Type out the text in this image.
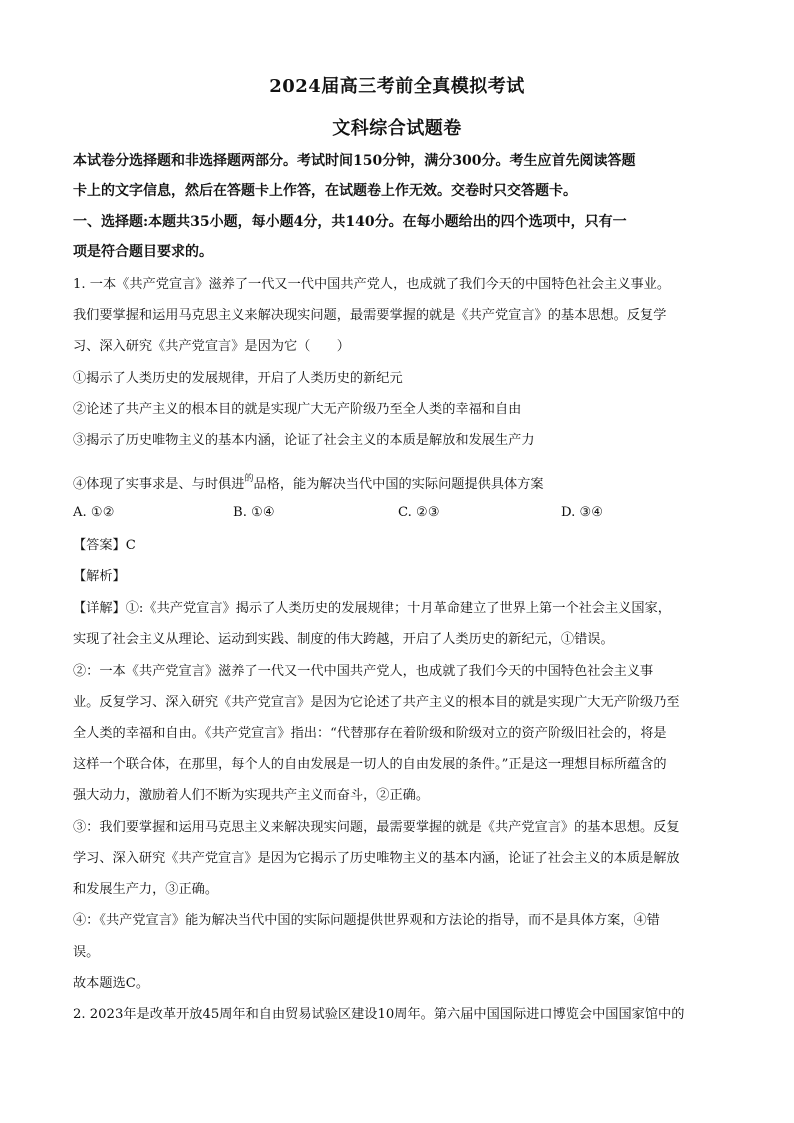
2024届高三考前全真模拟考试
文科综合试题卷
本试卷分选择题和非选择题两部分。考试时间150分钟，满分300分。考生应首先阅读答题
卡上的文字信息，然后在答题卡上作答，在试题卷上作无效。交卷时只交答题卡。
一、选择题:本题共35小题，每小题4分，共140分。在每小题给出的四个选项中，只有一
项是符合题目要求的。
1. 一本《共产党宣言》滋养了一代又一代中国共产党人，也成就了我们今天的中国特色社会主义事业。
我们要掌握和运用马克思主义来解决现实问题，最需要掌握的就是《共产党宣言》的基本思想。反复学
习、深入研究《共产党宣言》是因为它（　　）
①揭示了人类历史的发展规律，开启了人类历史的新纪元
②论述了共产主义的根本目的就是实现广大无产阶级乃至全人类的幸福和自由
③揭示了历史唯物主义的基本内涵，论证了社会主义的本质是解放和发展生产力
④体现了实事求是、与时俱进$^的$品格，能为解决当代中国的实际问题提供具体方案
A. ①②	B. ①④	C. ②③	D. ③④
【答案】C
【解析】
【详解】①:《共产党宣言》揭示了人类历史的发展规律；十月革命建立了世界上第一个社会主义国家，
实现了社会主义从理论、运动到实践、制度的伟大跨越，开启了人类历史的新纪元，①错误。
②：一本《共产党宣言》滋养了一代又一代中国共产党人，也成就了我们今天的中国特色社会主义事
业。反复学习、深入研究《共产党宣言》是因为它论述了共产主义的根本目的就是实现广大无产阶级乃至
全人类的幸福和自由。《共产党宣言》指出：“代替那存在着阶级和阶级对立的资产阶级旧社会的，将是
这样一个联合体，在那里，每个人的自由发展是一切人的自由发展的条件。”正是这一理想目标所蕴含的
强大动力，激励着人们不断为实现共产主义而奋斗，②正确。
③：我们要掌握和运用马克思主义来解决现实问题，最需要掌握的就是《共产党宣言》的基本思想。反复
学习、深入研究《共产党宣言》是因为它揭示了历史唯物主义的基本内涵，论证了社会主义的本质是解放
和发展生产力，③正确。
④：《共产党宣言》能为解决当代中国的实际问题提供世界观和方法论的指导，而不是具体方案，④错
误。
故本题选C。
2. 2023年是改革开放45周年和自由贸易试验区建设10周年。第六届中国国际进口博览会中国国家馆中的
